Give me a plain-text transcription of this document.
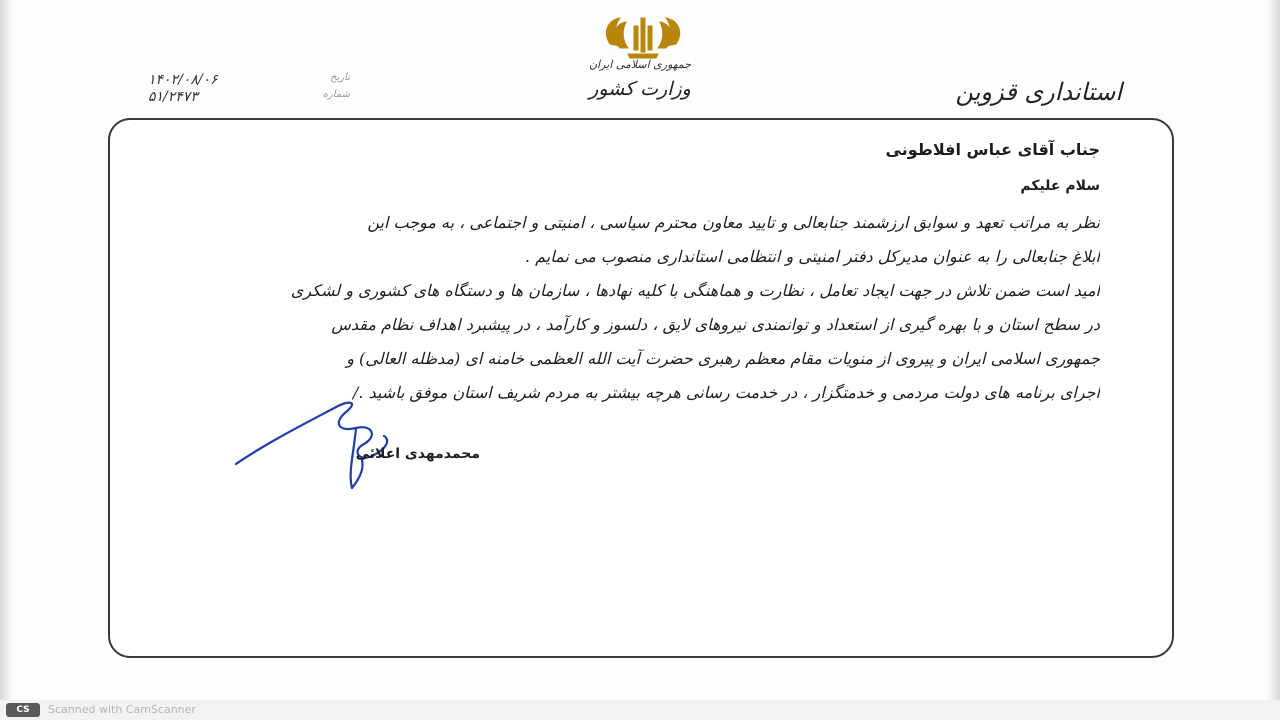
جمهوری اسلامی ایران
وزارت کشور	استانداری قزوین
تاریخ
۱۴۰۲/۰۸/۰۶
شماره
۵۱/۲۴۷۳
جناب آقای عباس افلاطونی
سلام علیکم
نظر به مراتب تعهد و سوابق ارزشمند جنابعالی و تایید معاون محترم سیاسی ، امنیتی و اجتماعی ، به موجب این
ابلاغ جنابعالی را به عنوان مدیرکل دفتر امنیتی و انتظامی استانداری منصوب می نمایم .
امید است ضمن تلاش در جهت ایجاد تعامل ، نظارت و هماهنگی با کلیه نهادها ، سازمان ها و دستگاه های کشوری و لشکری
در سطح استان و با بهره گیری از استعداد و توانمندی نیروهای لایق ، دلسوز و کارآمد ، در پیشبرد اهداف نظام مقدس
جمهوری اسلامی ایران و پیروی از منویات مقام معظم رهبری حضرت آیت الله العظمی خامنه ای (مدظله العالی) و
اجرای برنامه های دولت مردمی و خدمتگزار ، در خدمت رسانی هرچه بیشتر به مردم شریف استان موفق باشید ./
محمدمهدی اعلائی
CS	Scanned with CamScanner
